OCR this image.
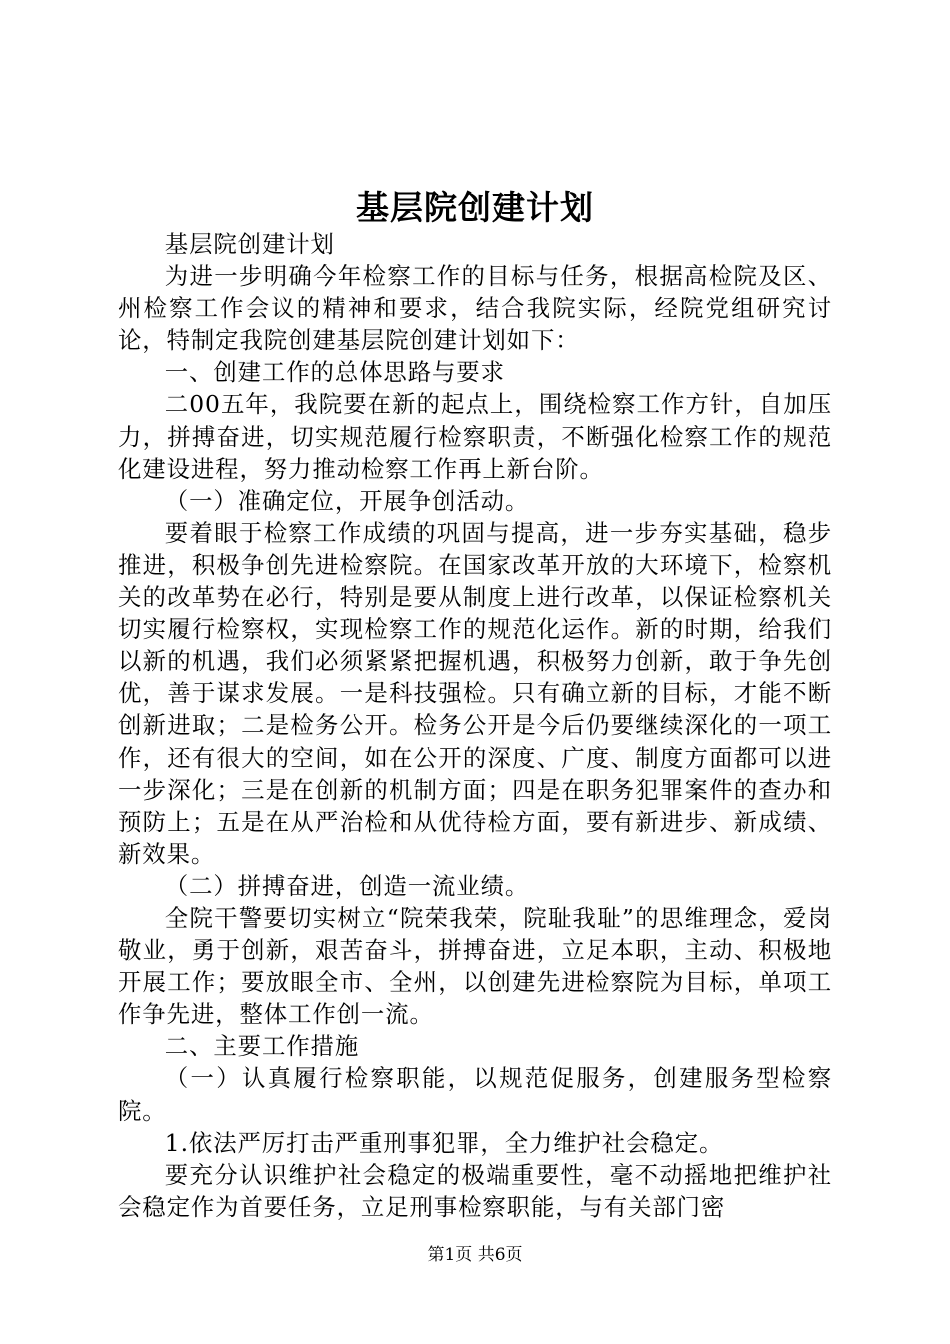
基层院创建计划

基层院创建计划

为进一步明确今年检察工作的目标与任务，根据高检院及区、州检察工作会议的精神和要求，结合我院实际，经院党组研究讨论，特制定我院创建基层院创建计划如下：

一、创建工作的总体思路与要求

二00五年，我院要在新的起点上，围绕检察工作方针，自加压力，拼搏奋进，切实规范履行检察职责，不断强化检察工作的规范化建设进程，努力推动检察工作再上新台阶。

（一）准确定位，开展争创活动。

要着眼于检察工作成绩的巩固与提高，进一步夯实基础，稳步推进，积极争创先进检察院。在国家改革开放的大环境下，检察机关的改革势在必行，特别是要从制度上进行改革，以保证检察机关切实履行检察权，实现检察工作的规范化运作。新的时期，给我们以新的机遇，我们必须紧紧把握机遇，积极努力创新，敢于争先创优，善于谋求发展。一是科技强检。只有确立新的目标，才能不断创新进取；二是检务公开。检务公开是今后仍要继续深化的一项工作，还有很大的空间，如在公开的深度、广度、制度方面都可以进一步深化；三是在创新的机制方面；四是在职务犯罪案件的查办和预防上；五是在从严治检和从优待检方面，要有新进步、新成绩、新效果。

（二）拼搏奋进，创造一流业绩。

全院干警要切实树立“院荣我荣，院耻我耻”的思维理念，爱岗敬业，勇于创新，艰苦奋斗，拼搏奋进，立足本职，主动、积极地开展工作；要放眼全市、全州，以创建先进检察院为目标，单项工作争先进，整体工作创一流。

二、主要工作措施

（一）认真履行检察职能，以规范促服务，创建服务型检察院。

1.依法严厉打击严重刑事犯罪，全力维护社会稳定。

要充分认识维护社会稳定的极端重要性，毫不动摇地把维护社会稳定作为首要任务，立足刑事检察职能，与有关部门密

第1页 共6页
